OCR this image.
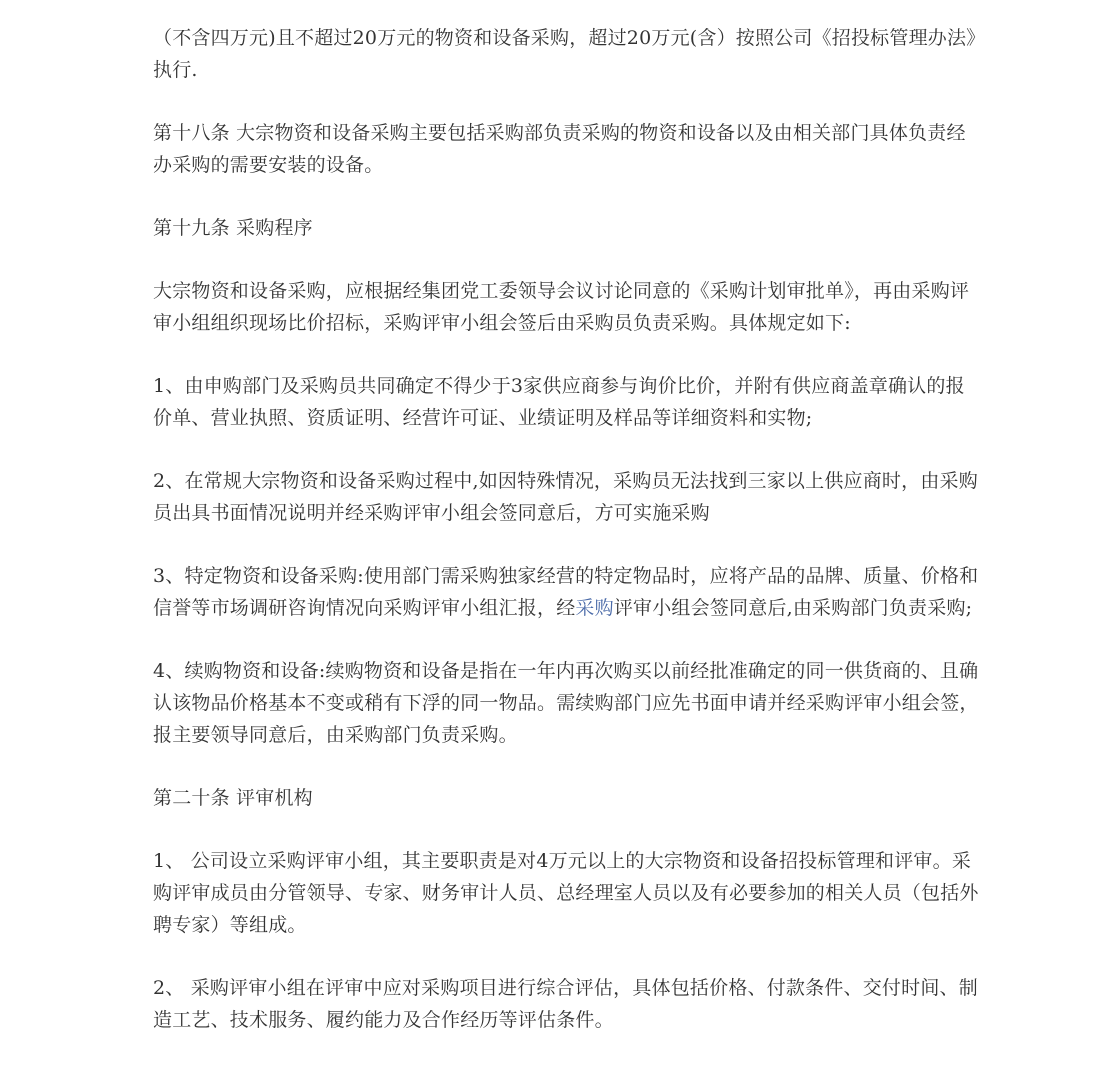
（不含四万元)且不超过20万元的物资和设备采购，超过20万元(含）按照公司《招投标管理办法》执行.

第十八条 大宗物资和设备采购主要包括采购部负责采购的物资和设备以及由相关部门具体负责经办采购的需要安装的设备。

第十九条 采购程序

大宗物资和设备采购，应根据经集团党工委领导会议讨论同意的《采购计划审批单》，再由采购评审小组组织现场比价招标，采购评审小组会签后由采购员负责采购。具体规定如下:

1、由申购部门及采购员共同确定不得少于3家供应商参与询价比价，并附有供应商盖章确认的报价单、营业执照、资质证明、经营许可证、业绩证明及样品等详细资料和实物;

2、在常规大宗物资和设备采购过程中,如因特殊情况，采购员无法找到三家以上供应商时，由采购员出具书面情况说明并经采购评审小组会签同意后，方可实施采购

3、特定物资和设备采购:使用部门需采购独家经营的特定物品时，应将产品的品牌、质量、价格和信誉等市场调研咨询情况向采购评审小组汇报，经采购评审小组会签同意后,由采购部门负责采购;

4、续购物资和设备:续购物资和设备是指在一年内再次购买以前经批准确定的同一供货商的、且确认该物品价格基本不变或稍有下浮的同一物品。需续购部门应先书面申请并经采购评审小组会签，报主要领导同意后，由采购部门负责采购。

第二十条 评审机构

1、 公司设立采购评审小组，其主要职责是对4万元以上的大宗物资和设备招投标管理和评审。采购评审成员由分管领导、专家、财务审计人员、总经理室人员以及有必要参加的相关人员（包括外聘专家）等组成。

2、 采购评审小组在评审中应对采购项目进行综合评估，具体包括价格、付款条件、交付时间、制造工艺、技术服务、履约能力及合作经历等评估条件。
